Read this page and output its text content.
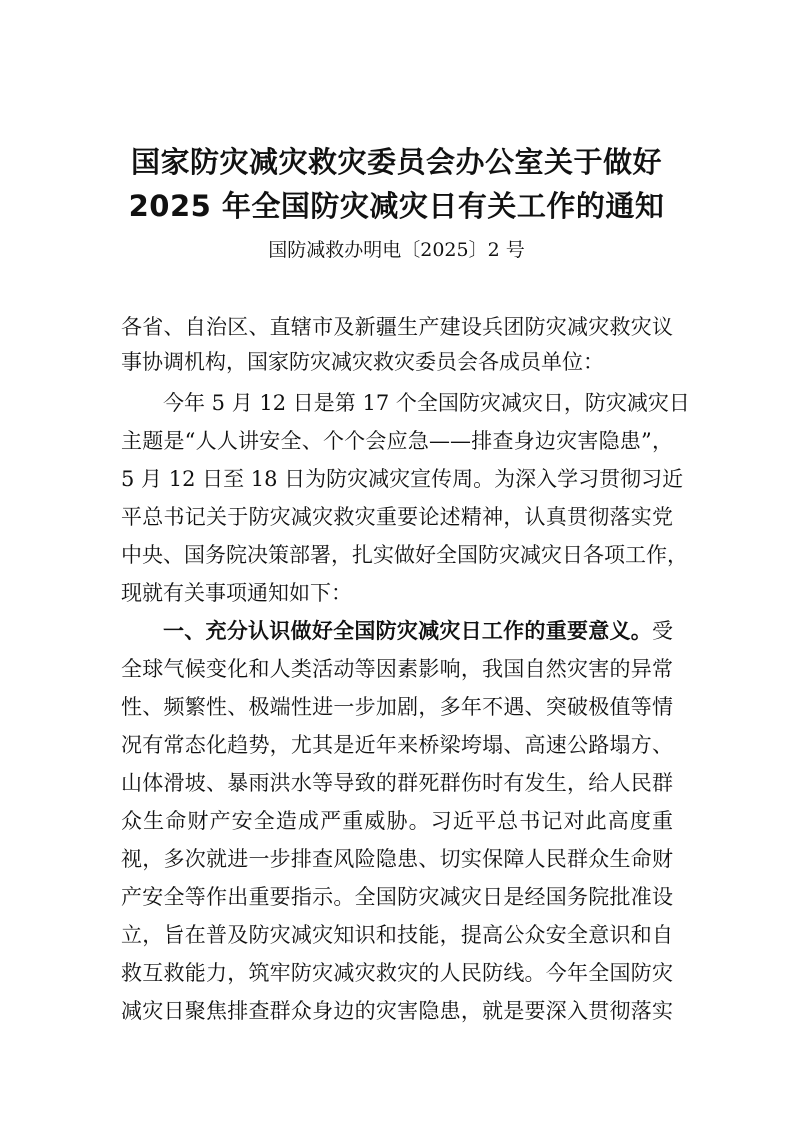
国家防灾减灾救灾委员会办公室关于做好
2025 年全国防灾减灾日有关工作的通知
国防减救办明电〔2025〕2 号
各省、自治区、直辖市及新疆生产建设兵团防灾减灾救灾议
事协调机构，国家防灾减灾救灾委员会各成员单位：
今年 5 月 12 日是第 17 个全国防灾减灾日，防灾减灾日
主题是“人人讲安全、个个会应急——排查身边灾害隐患”，
5 月 12 日至 18 日为防灾减灾宣传周。为深入学习贯彻习近
平总书记关于防灾减灾救灾重要论述精神，认真贯彻落实党
中央、国务院决策部署，扎实做好全国防灾减灾日各项工作，
现就有关事项通知如下：
一、充分认识做好全国防灾减灾日工作的重要意义。受
全球气候变化和人类活动等因素影响，我国自然灾害的异常
性、频繁性、极端性进一步加剧，多年不遇、突破极值等情
况有常态化趋势，尤其是近年来桥梁垮塌、高速公路塌方、
山体滑坡、暴雨洪水等导致的群死群伤时有发生，给人民群
众生命财产安全造成严重威胁。习近平总书记对此高度重
视，多次就进一步排查风险隐患、切实保障人民群众生命财
产安全等作出重要指示。全国防灾减灾日是经国务院批准设
立，旨在普及防灾减灾知识和技能，提高公众安全意识和自
救互救能力，筑牢防灾减灾救灾的人民防线。今年全国防灾
减灾日聚焦排查群众身边的灾害隐患，就是要深入贯彻落实
